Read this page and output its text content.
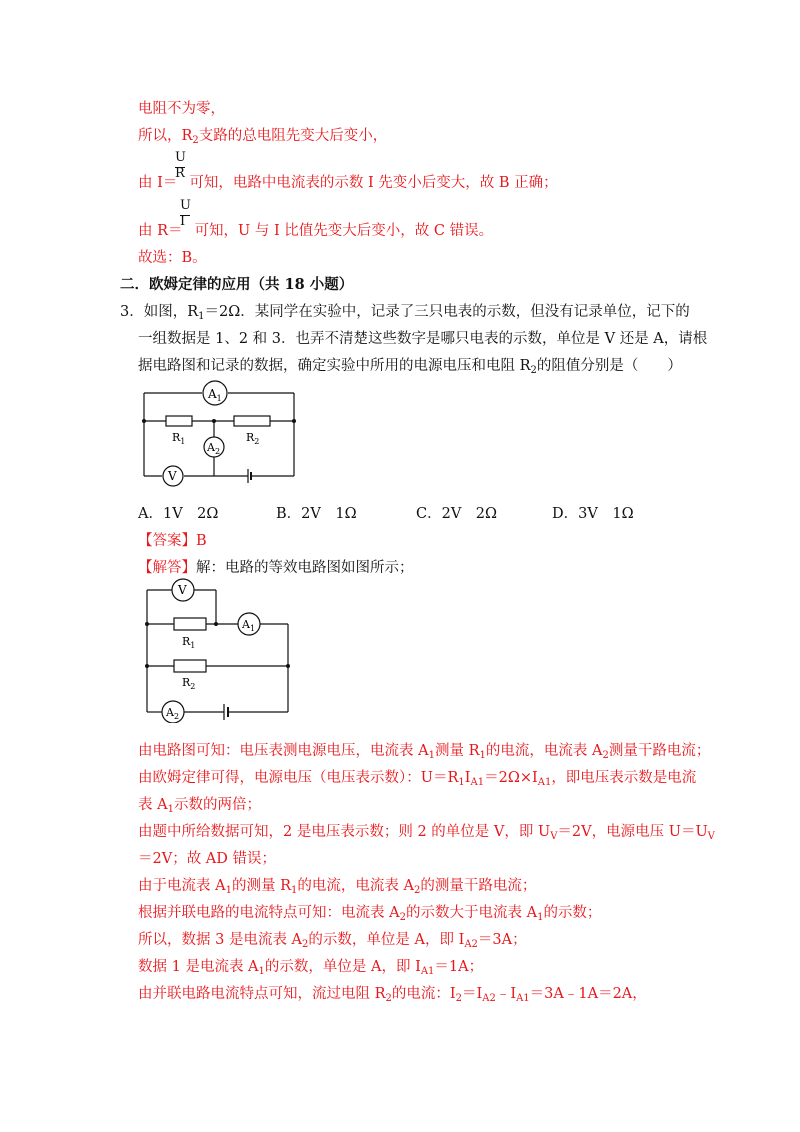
电阻不为零，
所以，$R_2$支路的总电阻先变大后变小，
由 I＝ 可知，电路中电流表的示数 I 先变小后变大，故 B 正确；
U
R
由 R＝ 可知，U 与 I 比值先变大后变小，故 C 错误。
U
I
故选：B。
二．欧姆定律的应用（共 18 小题）
3．如图，$R_1=2\Omega$．某同学在实验中，记录了三只电表的示数，但没有记录单位，记下的
一组数据是 1、2 和 3．也弄不清楚这些数字是哪只电表的示数，单位是 V 还是 A，请根
据电路图和记录的数据，确定实验中所用的电源电压和电阻 $R_2$的阻值分别是（　　）
$A_1$
$A_2$
V
$R_1$	$R_2$
A．1V　2Ω	B．2V　1Ω	C．2V　2Ω	D．3V　1Ω
【答案】B
【解答】解：电路的等效电路图如图所示；
V
$A_1$
$A_2$
$R_1$
$R_2$
由电路图可知：电压表测电源电压，电流表 $A_1$测量 $R_1$的电流，电流表 $A_2$测量干路电流；
由欧姆定律可得，电源电压（电压表示数）：$U=R_1I_{A1}=2\Omega\times I_{A1}$，即电压表示数是电流
表 $A_1$示数的两倍；
由题中所给数据可知，2 是电压表示数；则 2 的单位是 V，即 $U_V=2V$，电源电压 $U=U_V$
＝2V；故 AD 错误；
由于电流表 $A_1$的测量 $R_1$的电流，电流表 $A_2$的测量干路电流；
根据并联电路的电流特点可知：电流表 $A_2$的示数大于电流表 $A_1$的示数；
所以，数据 3 是电流表 $A_2$的示数，单位是 A，即 $I_{A2}=3A$；
数据 1 是电流表 $A_1$的示数，单位是 A，即 $I_{A1}=1A$；
由并联电路电流特点可知，流过电阻 $R_2$的电流：$I_2=I_{A2}﹣I_{A1}=3A﹣1A=2A$，
